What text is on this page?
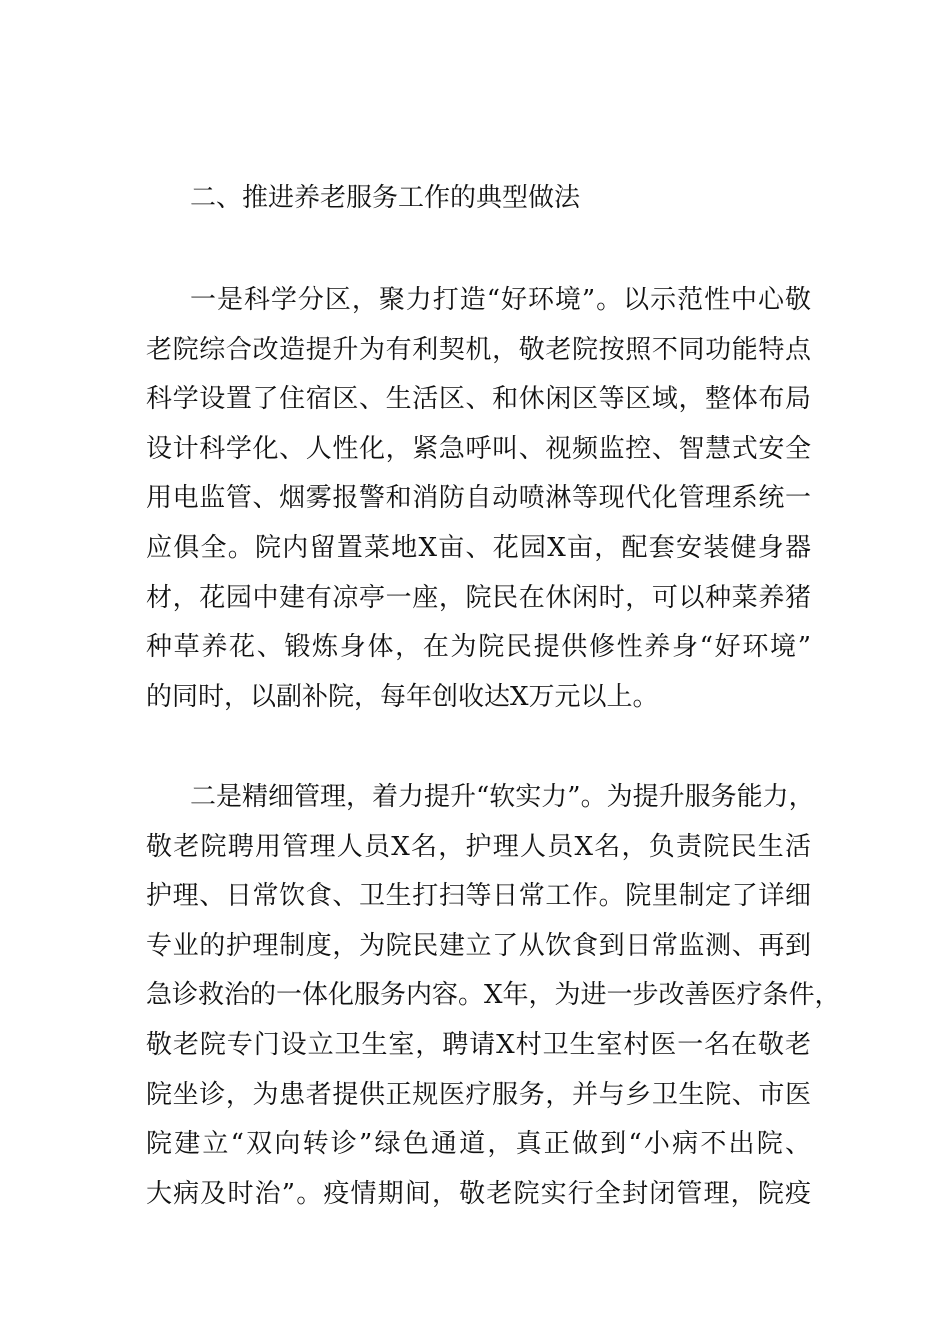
二、推进养老服务工作的典型做法
一是科学分区，聚力打造“好环境”。以示范性中心敬
老院综合改造提升为有利契机，敬老院按照不同功能特点
科学设置了住宿区、生活区、和休闲区等区域，整体布局
设计科学化、人性化，紧急呼叫、视频监控、智慧式安全
用电监管、烟雾报警和消防自动喷淋等现代化管理系统一
应俱全。院内留置菜地X亩、花园X亩，配套安装健身器
材，花园中建有凉亭一座，院民在休闲时，可以种菜养猪
种草养花、锻炼身体，在为院民提供修性养身“好环境”
的同时，以副补院，每年创收达X万元以上。
二是精细管理，着力提升“软实力”。为提升服务能力，
敬老院聘用管理人员X名，护理人员X名，负责院民生活
护理、日常饮食、卫生打扫等日常工作。院里制定了详细
专业的护理制度，为院民建立了从饮食到日常监测、再到
急诊救治的一体化服务内容。X年，为进一步改善医疗条件，
敬老院专门设立卫生室，聘请X村卫生室村医一名在敬老
院坐诊，为患者提供正规医疗服务，并与乡卫生院、市医
院建立“双向转诊”绿色通道，真正做到“小病不出院、
大病及时治”。疫情期间，敬老院实行全封闭管理，院疫
